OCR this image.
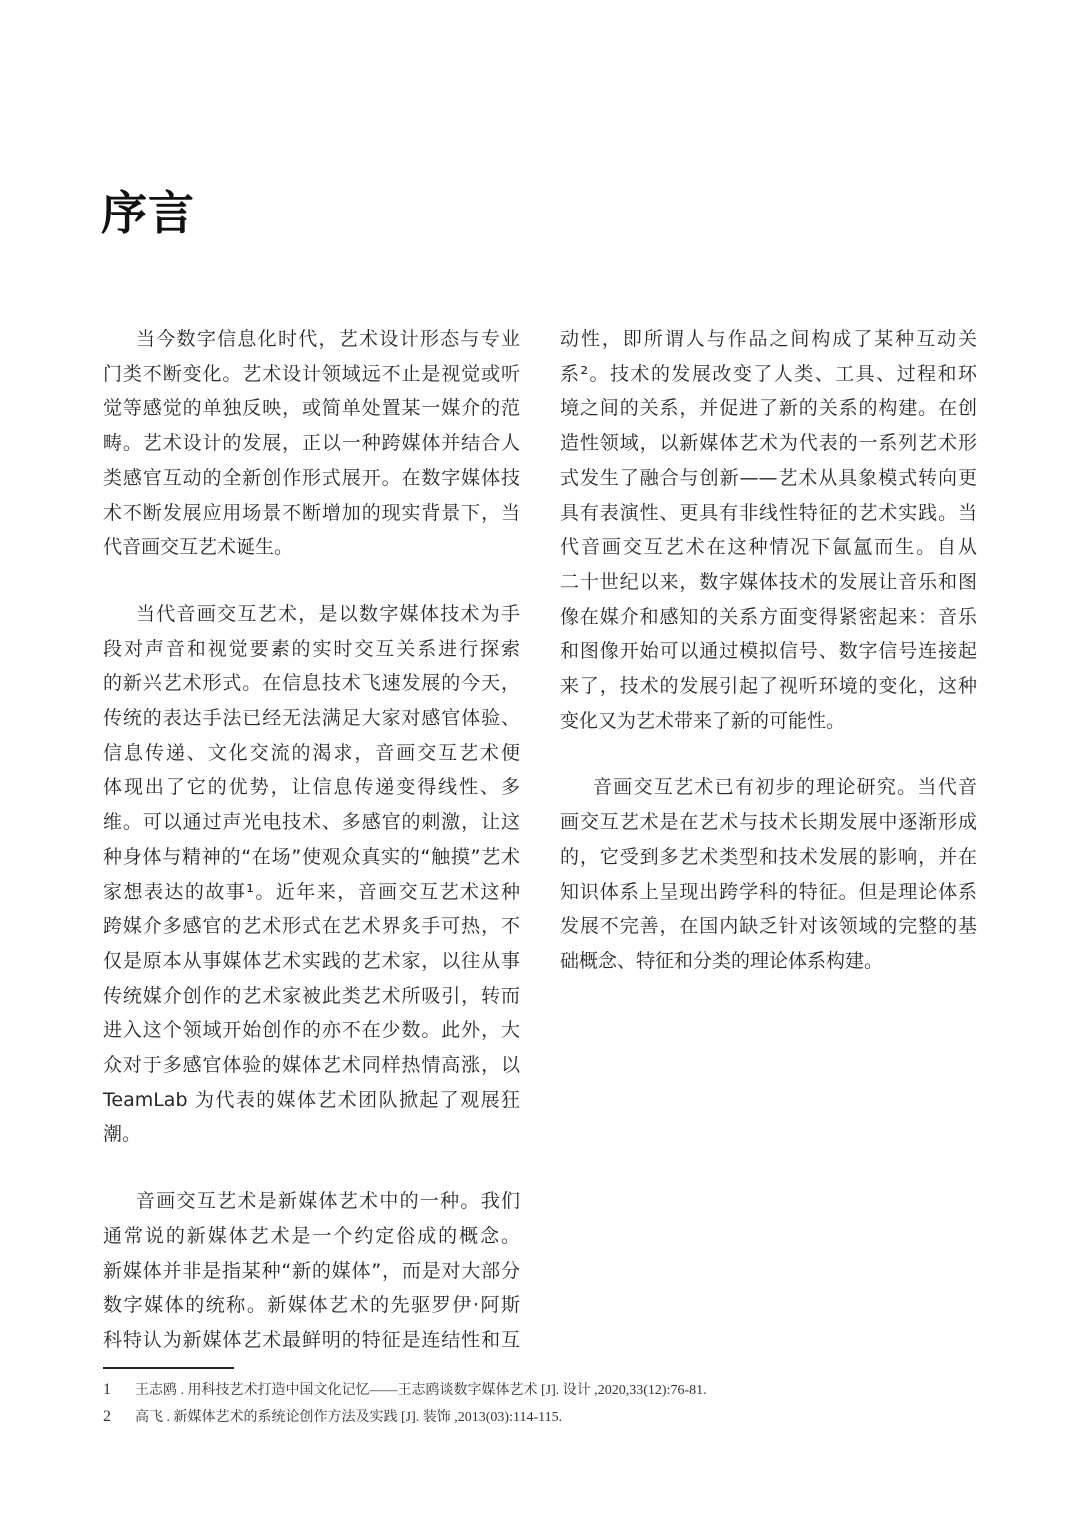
序言
当今数字信息化时代，艺术设计形态与专业
门类不断变化。艺术设计领域远不止是视觉或听
觉等感觉的单独反映，或简单处置某一媒介的范
畴。艺术设计的发展，正以一种跨媒体并结合人
类感官互动的全新创作形式展开。在数字媒体技
术不断发展应用场景不断增加的现实背景下，当
代音画交互艺术诞生。
当代音画交互艺术，是以数字媒体技术为手
段对声音和视觉要素的实时交互关系进行探索
的新兴艺术形式。在信息技术飞速发展的今天，
传统的表达手法已经无法满足大家对感官体验、
信息传递、文化交流的渴求，音画交互艺术便
体现出了它的优势，让信息传递变得线性、多
维。可以通过声光电技术、多感官的刺激，让这
种身体与精神的“在场”使观众真实的“触摸”艺术
家想表达的故事¹。近年来，音画交互艺术这种
跨媒介多感官的艺术形式在艺术界炙手可热，不
仅是原本从事媒体艺术实践的艺术家，以往从事
传统媒介创作的艺术家被此类艺术所吸引，转而
进入这个领域开始创作的亦不在少数。此外，大
众对于多感官体验的媒体艺术同样热情高涨，以
TeamLab 为代表的媒体艺术团队掀起了观展狂
潮。
音画交互艺术是新媒体艺术中的一种。我们
通常说的新媒体艺术是一个约定俗成的概念。
新媒体并非是指某种“新的媒体”，而是对大部分
数字媒体的统称。新媒体艺术的先驱罗伊·阿斯
科特认为新媒体艺术最鲜明的特征是连结性和互
动性，即所谓人与作品之间构成了某种互动关
系²。技术的发展改变了人类、工具、过程和环
境之间的关系，并促进了新的关系的构建。在创
造性领域，以新媒体艺术为代表的一系列艺术形
式发生了融合与创新——艺术从具象模式转向更
具有表演性、更具有非线性特征的艺术实践。当
代音画交互艺术在这种情况下氤氲而生。自从
二十世纪以来，数字媒体技术的发展让音乐和图
像在媒介和感知的关系方面变得紧密起来：音乐
和图像开始可以通过模拟信号、数字信号连接起
来了，技术的发展引起了视听环境的变化，这种
变化又为艺术带来了新的可能性。
音画交互艺术已有初步的理论研究。当代音
画交互艺术是在艺术与技术长期发展中逐渐形成
的，它受到多艺术类型和技术发展的影响，并在
知识体系上呈现出跨学科的特征。但是理论体系
发展不完善，在国内缺乏针对该领域的完整的基
础概念、特征和分类的理论体系构建。
1 王志鸥 . 用科技艺术打造中国文化记忆——王志鸥谈数字媒体艺术 [J]. 设计 ,2020,33(12):76-81.
2 高飞 . 新媒体艺术的系统论创作方法及实践 [J]. 装饰 ,2013(03):114-115.
